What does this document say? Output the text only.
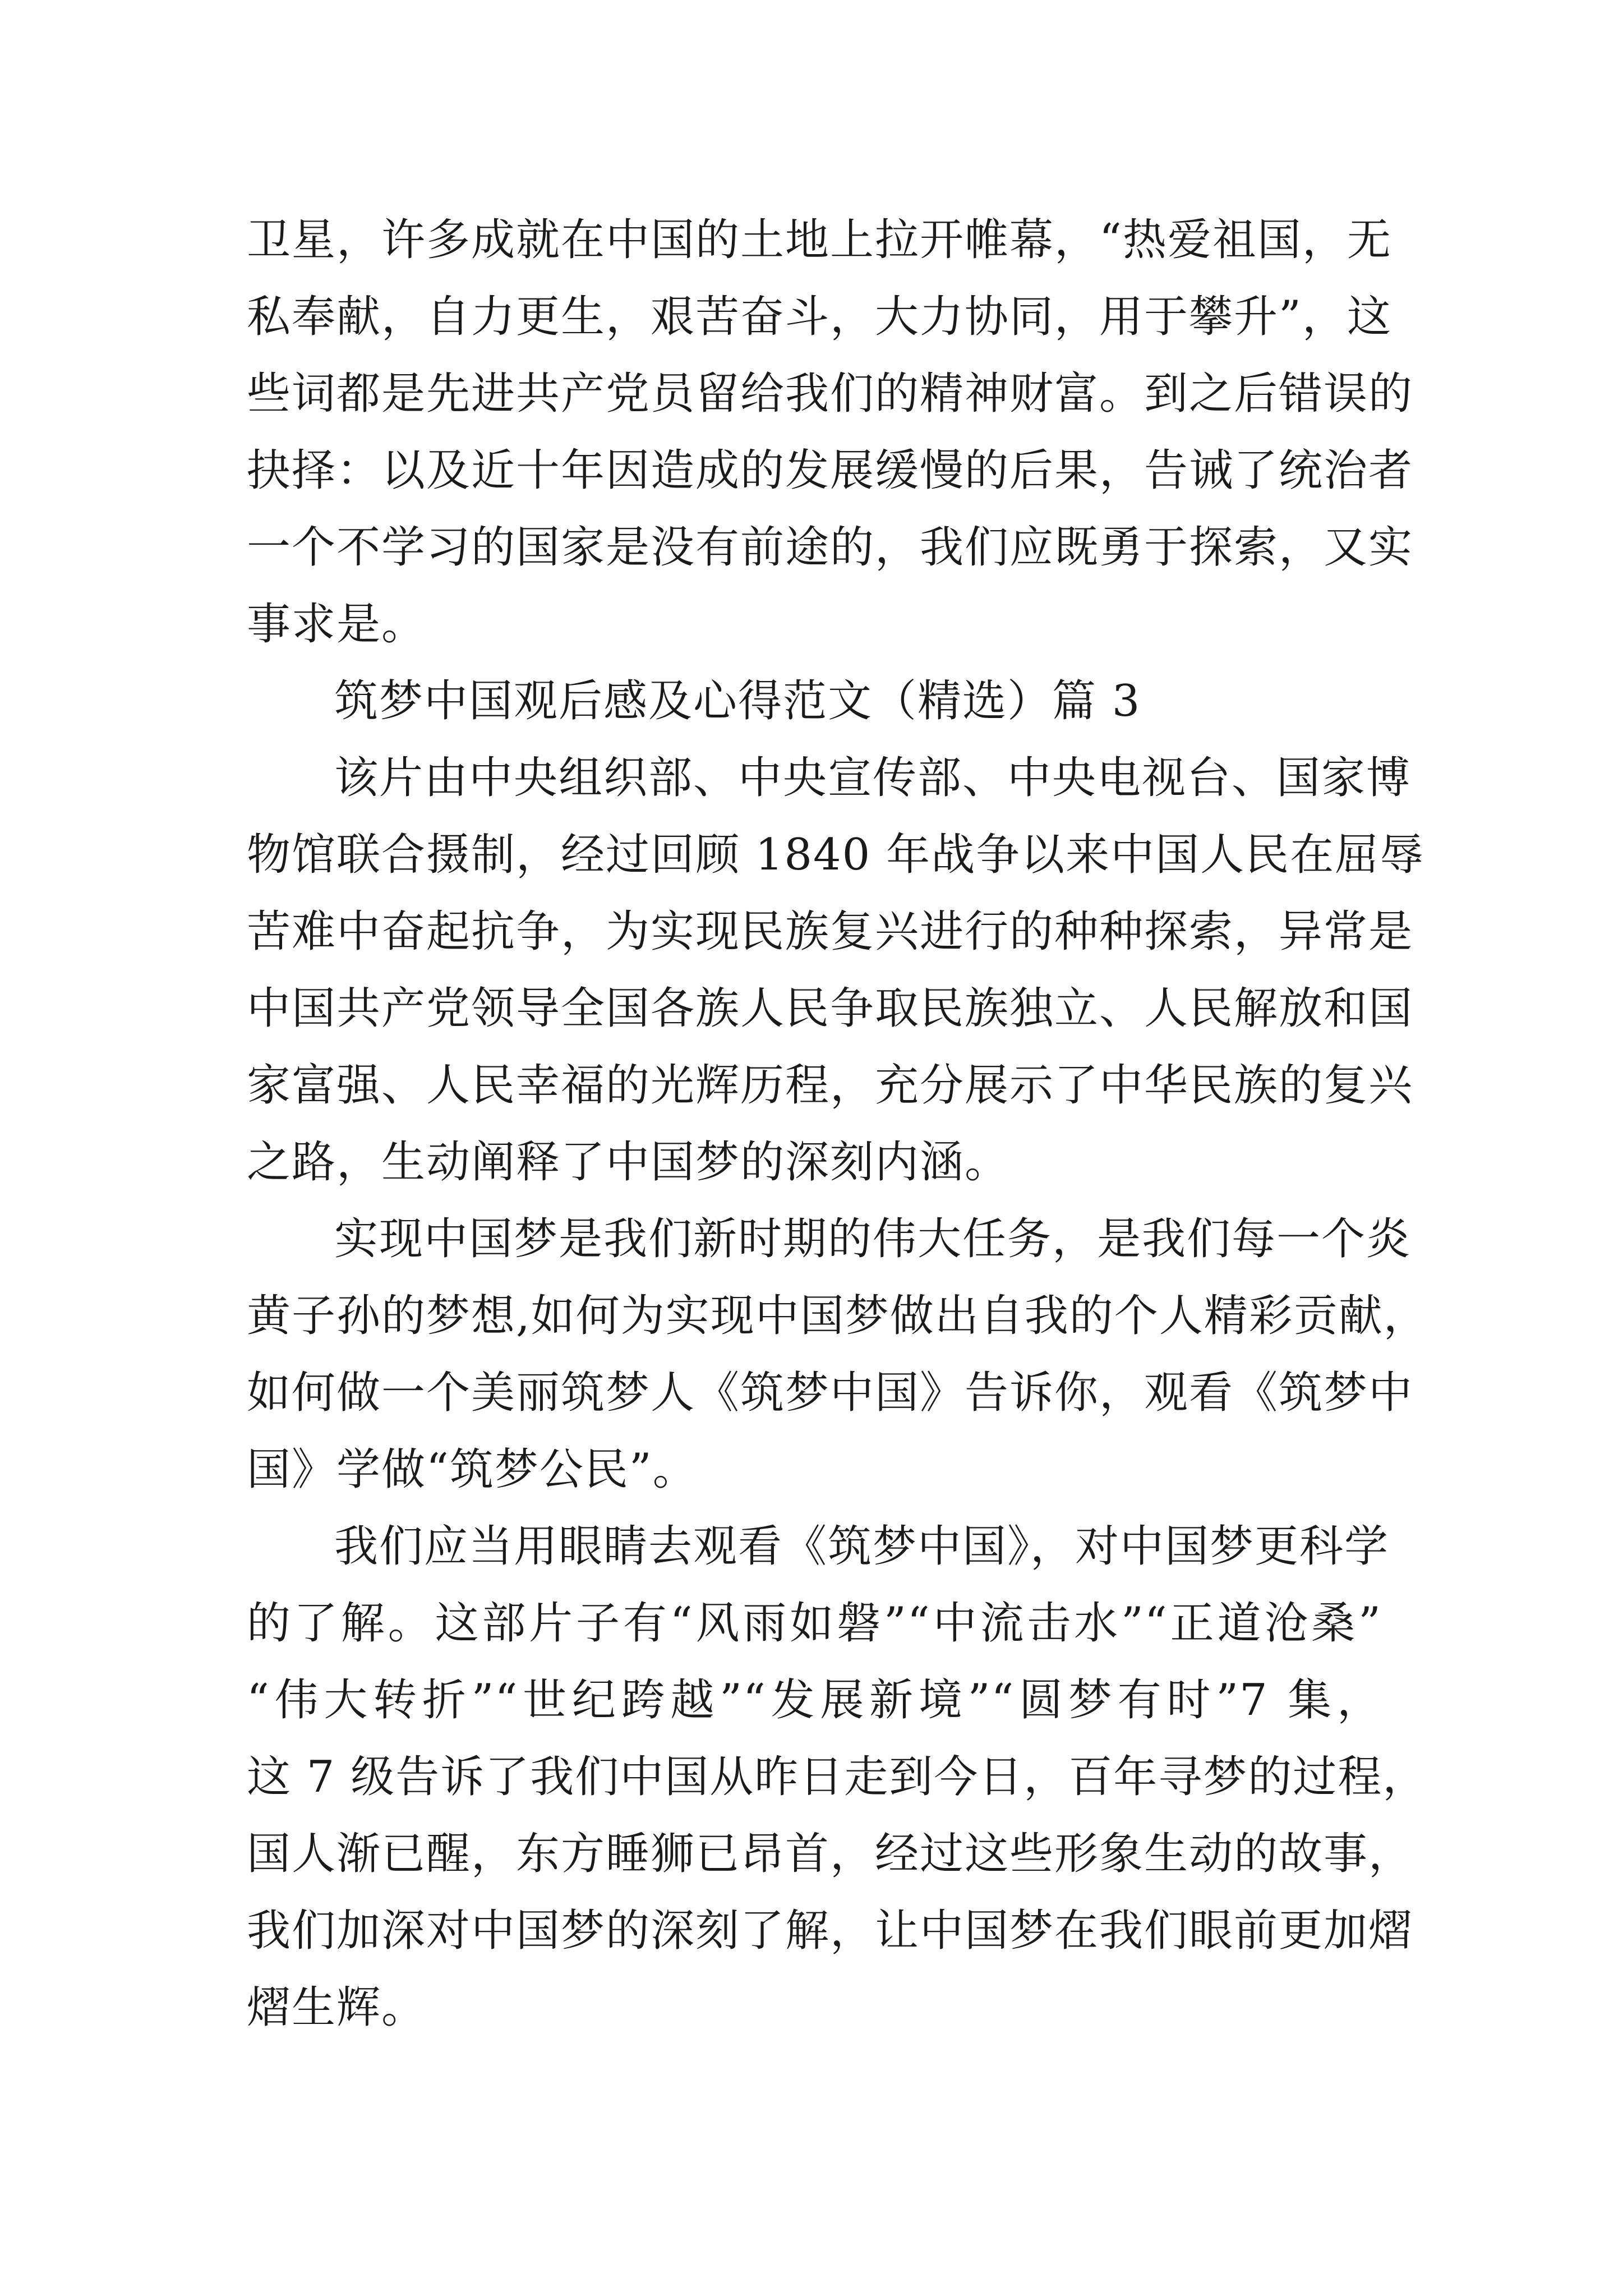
卫星，许多成就在中国的土地上拉开帷幕，“热爱祖国，无
私奉献，自力更生，艰苦奋斗，大力协同，用于攀升”，这
些词都是先进共产党员留给我们的精神财富。到之后错误的
抉择：以及近十年因造成的发展缓慢的后果，告诫了统治者
一个不学习的国家是没有前途的，我们应既勇于探索，又实
事求是。
筑梦中国观后感及心得范文（精选）篇 3
该片由中央组织部、中央宣传部、中央电视台、国家博
物馆联合摄制，经过回顾 1840 年战争以来中国人民在屈辱
苦难中奋起抗争，为实现民族复兴进行的种种探索，异常是
中国共产党领导全国各族人民争取民族独立、人民解放和国
家富强、人民幸福的光辉历程，充分展示了中华民族的复兴
之路，生动阐释了中国梦的深刻内涵。
实现中国梦是我们新时期的伟大任务，是我们每一个炎
黄子孙的梦想,如何为实现中国梦做出自我的个人精彩贡献，
如何做一个美丽筑梦人《筑梦中国》告诉你，观看《筑梦中
国》学做“筑梦公民”。
我们应当用眼睛去观看《筑梦中国》，对中国梦更科学
的了解。这部片子有“风雨如磐”“中流击水”“正道沧桑”
“伟大转折”“世纪跨越”“发展新境”“圆梦有时”7 集，
这 7 级告诉了我们中国从昨日走到今日，百年寻梦的过程，
国人渐已醒，东方睡狮已昂首，经过这些形象生动的故事，
我们加深对中国梦的深刻了解，让中国梦在我们眼前更加熠
熠生辉。
